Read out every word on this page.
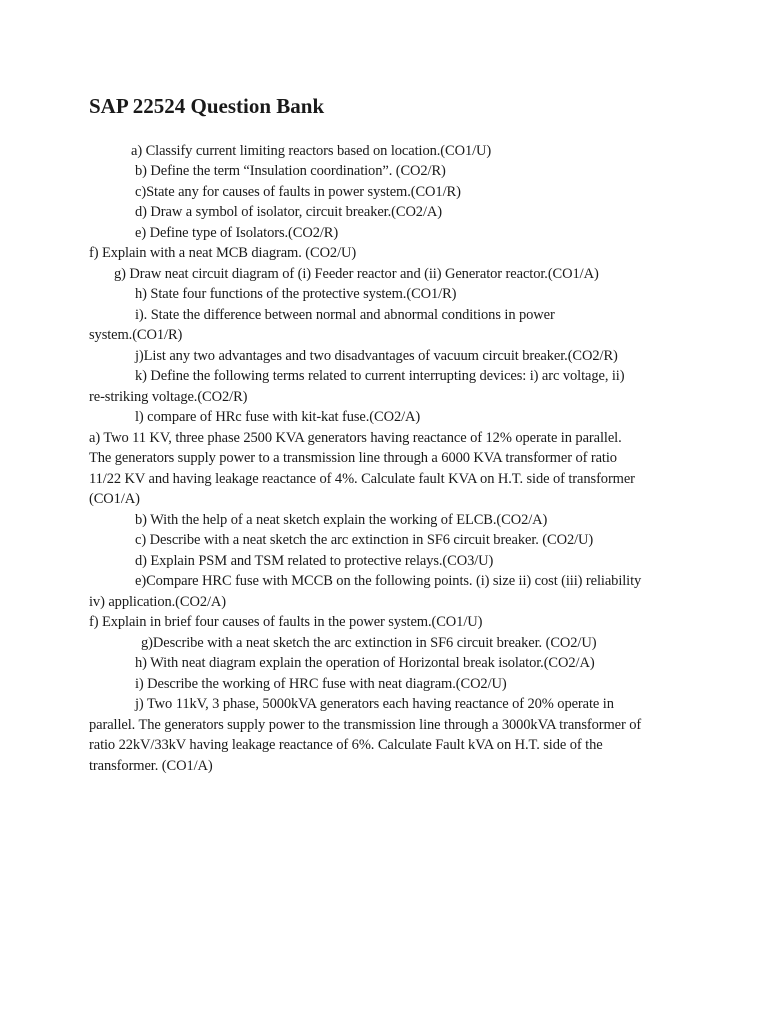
SAP 22524 Question Bank
a) Classify current limiting reactors based on location.(CO1/U)
b) Define the term “Insulation coordination”. (CO2/R)
c)State any for causes of faults in power system.(CO1/R)
d) Draw a symbol of isolator, circuit breaker.(CO2/A)
e) Define type of Isolators.(CO2/R)
f) Explain with a neat MCB diagram. (CO2/U)
g) Draw neat circuit diagram of (i) Feeder reactor and (ii) Generator reactor.(CO1/A)
h) State four functions of the protective system.(CO1/R)
i). State the difference between normal and abnormal conditions in power
system.(CO1/R)
j)List any two advantages and two disadvantages of vacuum circuit breaker.(CO2/R)
k) Define the following terms related to current interrupting devices: i) arc voltage, ii)
re-striking voltage.(CO2/R)
l) compare of HRc fuse with kit-kat fuse.(CO2/A)
a) Two 11 KV, three phase 2500 KVA generators having reactance of 12% operate in parallel.
The generators supply power to a transmission line through a 6000 KVA transformer of ratio
11/22 KV and having leakage reactance of 4%. Calculate fault KVA on H.T. side of transformer
(CO1/A)
b) With the help of a neat sketch explain the working of ELCB.(CO2/A)
c) Describe with a neat sketch the arc extinction in SF6 circuit breaker. (CO2/U)
d) Explain PSM and TSM related to protective relays.(CO3/U)
e)Compare HRC fuse with MCCB on the following points. (i) size ii) cost (iii) reliability
iv) application.(CO2/A)
f) Explain in brief four causes of faults in the power system.(CO1/U)
g)Describe with a neat sketch the arc extinction in SF6 circuit breaker. (CO2/U)
h) With neat diagram explain the operation of Horizontal break isolator.(CO2/A)
i) Describe the working of HRC fuse with neat diagram.(CO2/U)
j) Two 11kV, 3 phase, 5000kVA generators each having reactance of 20% operate in
parallel. The generators supply power to the transmission line through a 3000kVA transformer of
ratio 22kV/33kV having leakage reactance of 6%. Calculate Fault kVA on H.T. side of the
transformer. (CO1/A)
